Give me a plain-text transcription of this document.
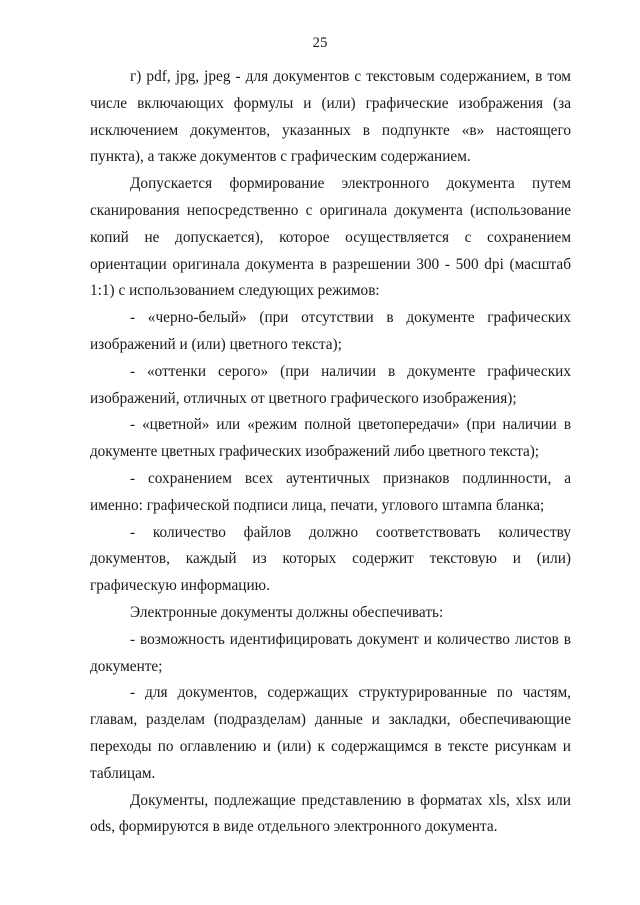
25

г) pdf, jpg, jpeg - для документов с текстовым содержанием, в том числе включающих формулы и (или) графические изображения (за исключением документов, указанных в подпункте «в» настоящего пункта), а также документов с графическим содержанием.

Допускается формирование электронного документа путем сканирования непосредственно с оригинала документа (использование копий не допускается), которое осуществляется с сохранением ориентации оригинала документа в разрешении 300 - 500 dpi (масштаб 1:1) с использованием следующих режимов:

- «черно-белый» (при отсутствии в документе графических изображений и (или) цветного текста);

- «оттенки серого» (при наличии в документе графических изображений, отличных от цветного графического изображения);

- «цветной» или «режим полной цветопередачи» (при наличии в документе цветных графических изображений либо цветного текста);

- сохранением всех аутентичных признаков подлинности, а именно: графической подписи лица, печати, углового штампа бланка;

- количество файлов должно соответствовать количеству документов, каждый из которых содержит текстовую и (или) графическую информацию.

Электронные документы должны обеспечивать:

- возможность идентифицировать документ и количество листов в документе;

- для документов, содержащих структурированные по частям, главам, разделам (подразделам) данные и закладки, обеспечивающие переходы по оглавлению и (или) к содержащимся в тексте рисункам и таблицам.

Документы, подлежащие представлению в форматах xls, xlsx или ods, формируются в виде отдельного электронного документа.
